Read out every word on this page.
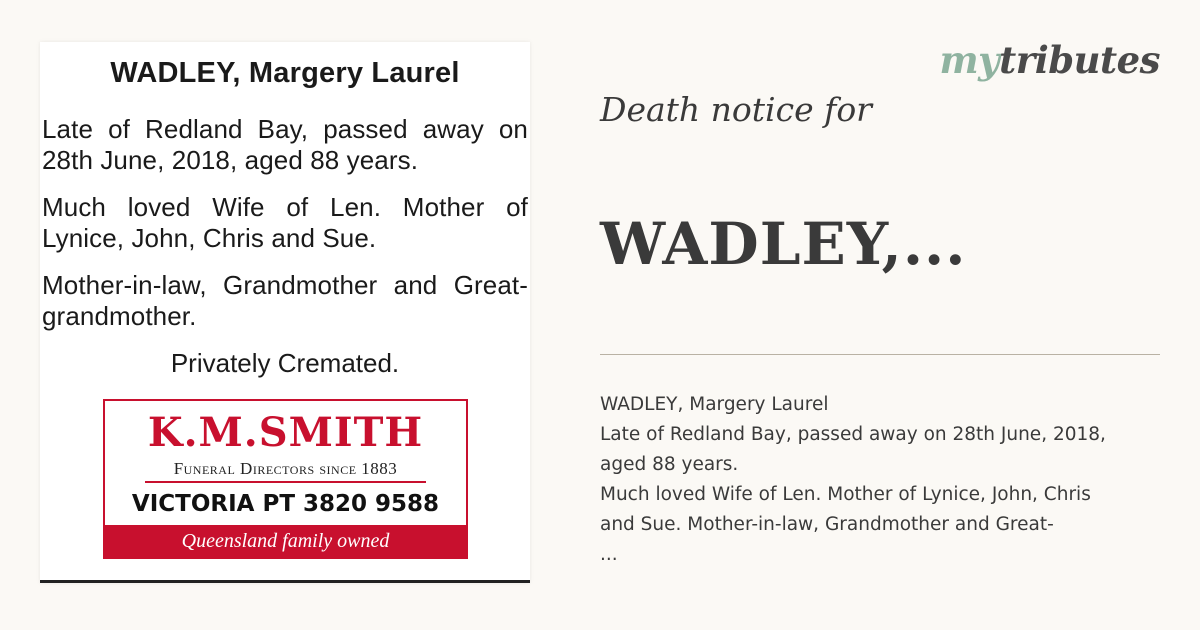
WADLEY, Margery Laurel
Late of Redland Bay, passed away on 28th June, 2018, aged 88 years.
Much loved Wife of Len. Mother of Lynice, John, Chris and Sue.
Mother-in-law, Grandmother and Great-grandmother.
Privately Cremated.
K.M.SMITH
Funeral Directors since 1883
VICTORIA PT 3820 9588
Queensland family owned
mytributes
Death notice for
WADLEY,...
WADLEY, Margery Laurel
Late of Redland Bay, passed away on 28th June, 2018,
aged 88 years.
Much loved Wife of Len. Mother of Lynice, John, Chris
and Sue. Mother-in-law, Grandmother and Great-
...
